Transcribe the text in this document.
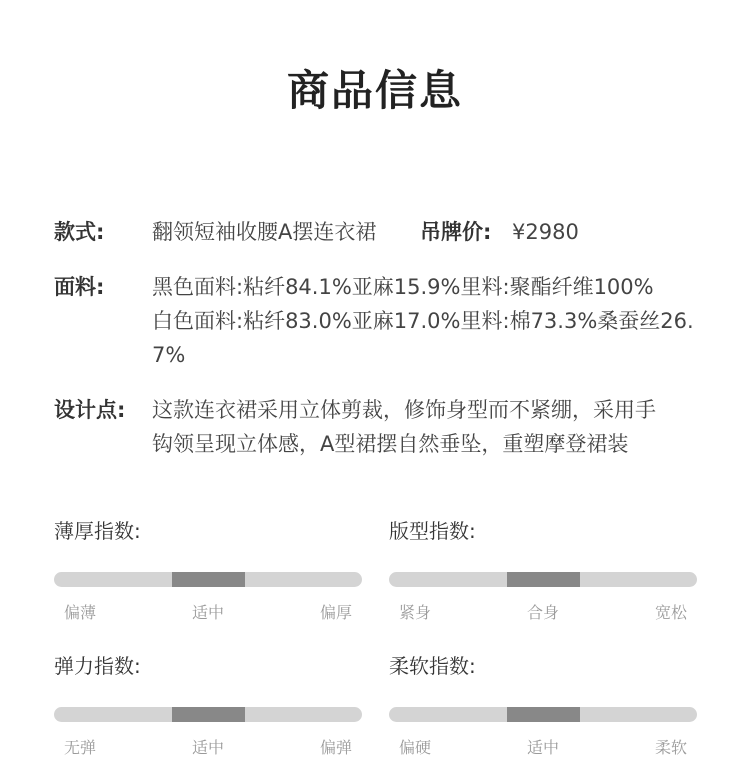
商品信息
款式: 翻领短袖收腰A摆连衣裙 吊牌价: ¥2980
面料: 黑色面料:粘纤84.1%亚麻15.9%里料:聚酯纤维100%
白色面料:粘纤83.0%亚麻17.0%里料:棉73.3%桑蚕丝26.
7%
设计点: 这款连衣裙采用立体剪裁，修饰身型而不紧绷，采用手
钩领呈现立体感，A型裙摆自然垂坠，重塑摩登裙装
薄厚指数:
偏薄	适中	偏厚
版型指数:
紧身	合身	宽松
弹力指数:
无弹	适中	偏弹
柔软指数:
偏硬	适中	柔软
